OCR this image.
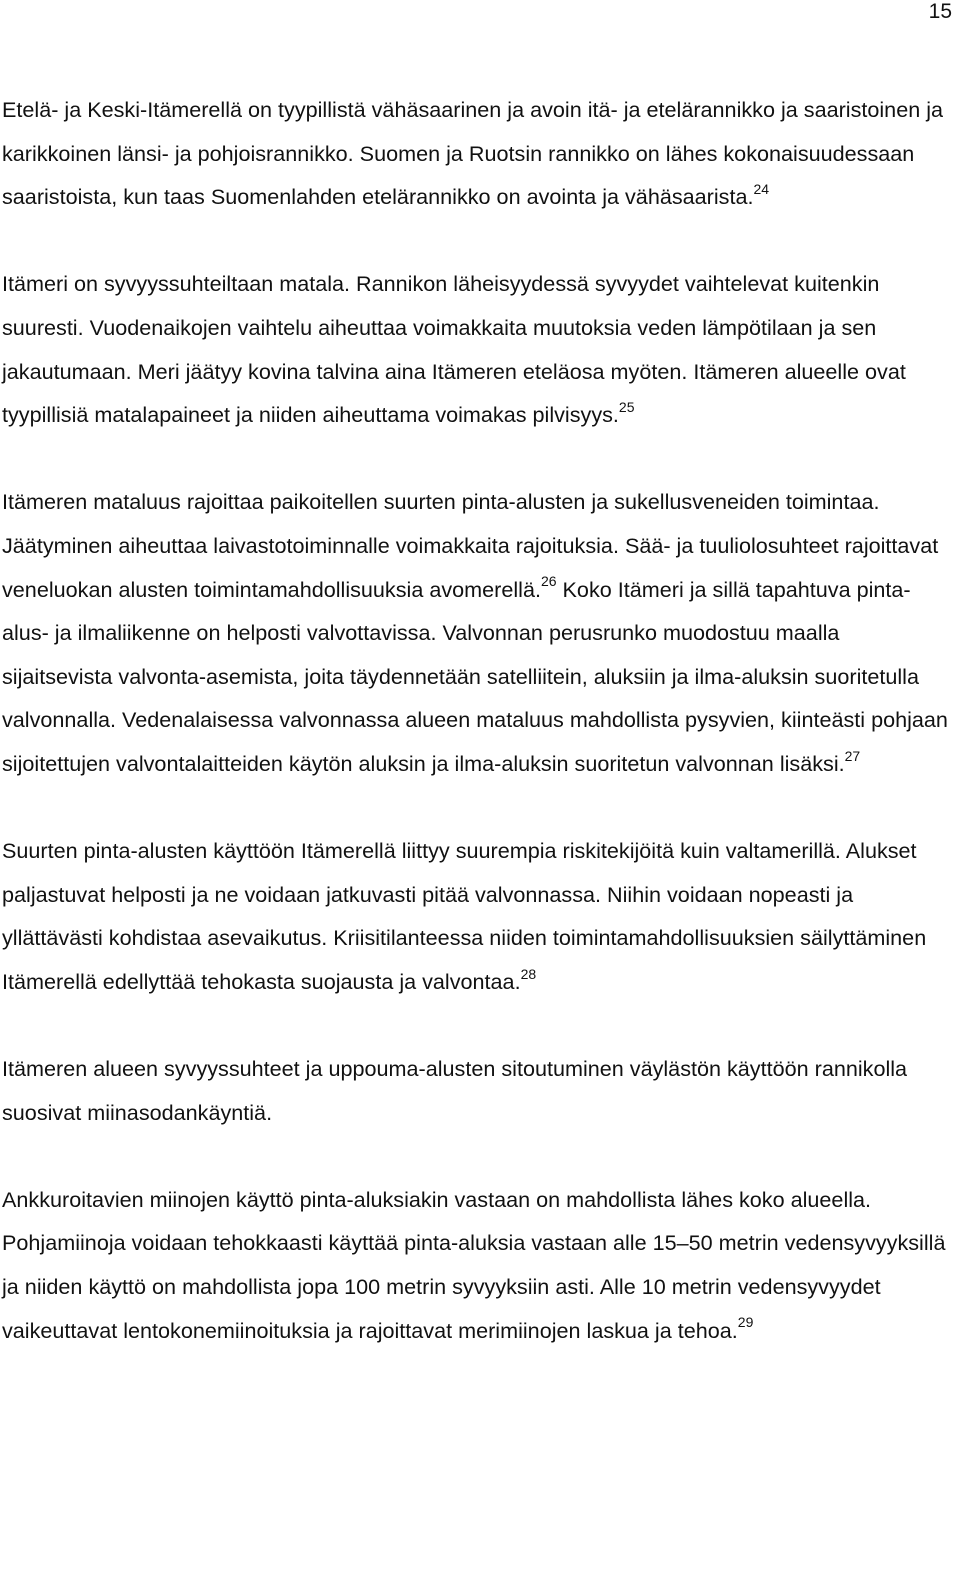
15

Etelä- ja Keski-Itämerellä on tyypillistä vähäsaarinen ja avoin itä- ja etelärannikko ja saaristoinen ja karikkoinen länsi- ja pohjoisrannikko. Suomen ja Ruotsin rannikko on lähes kokonaisuudessaan saaristoista, kun taas Suomenlahden etelärannikko on avointa ja vähäsaarista.$^{24}$

Itämeri on syvyyssuhteiltaan matala. Rannikon läheisyydessä syvyydet vaihtelevat kuitenkin suuresti. Vuodenaikojen vaihtelu aiheuttaa voimakkaita muutoksia veden lämpötilaan ja sen jakautumaan. Meri jäätyy kovina talvina aina Itämeren eteläosa myöten. Itämeren alueelle ovat tyypillisiä matalapaineet ja niiden aiheuttama voimakas pilvisyys.$^{25}$

Itämeren mataluus rajoittaa paikoitellen suurten pinta-alusten ja sukellusveneiden toimintaa. Jäätyminen aiheuttaa laivastotoiminnalle voimakkaita rajoituksia. Sää- ja tuuliolosuhteet rajoittavat veneluokan alusten toimintamahdollisuuksia avomerellä.$^{26}$ Koko Itämeri ja sillä tapahtuva pinta-alus- ja ilmaliikenne on helposti valvottavissa. Valvonnan perusrunko muodostuu maalla sijaitsevista valvonta-asemista, joita täydennetään satelliitein, aluksiin ja ilma-aluksin suoritetulla valvonnalla. Vedenalaisessa valvonnassa alueen mataluus mahdollista pysyvien, kiinteästi pohjaan sijoitettujen valvontalaitteiden käytön aluksin ja ilma-aluksin suoritetun valvonnan lisäksi.$^{27}$

Suurten pinta-alusten käyttöön Itämerellä liittyy suurempia riskitekijöitä kuin valtamerillä. Alukset paljastuvat helposti ja ne voidaan jatkuvasti pitää valvonnassa. Niihin voidaan nopeasti ja yllättävästi kohdistaa asevaikutus. Kriisitilanteessa niiden toimintamahdollisuuksien säilyttäminen Itämerellä edellyttää tehokasta suojausta ja valvontaa.$^{28}$

Itämeren alueen syvyyssuhteet ja uppouma-alusten sitoutuminen väylästön käyttöön rannikolla suosivat miinasodankäyntiä.

Ankkuroitavien miinojen käyttö pinta-aluksiakin vastaan on mahdollista lähes koko alueella. Pohjamiinoja voidaan tehokkaasti käyttää pinta-aluksia vastaan alle 15–50 metrin vedensyvyyksillä ja niiden käyttö on mahdollista jopa 100 metrin syvyyksiin asti. Alle 10 metrin vedensyvyydet vaikeuttavat lentokonemiinoituksia ja rajoittavat merimiinojen laskua ja tehoa.$^{29}$
